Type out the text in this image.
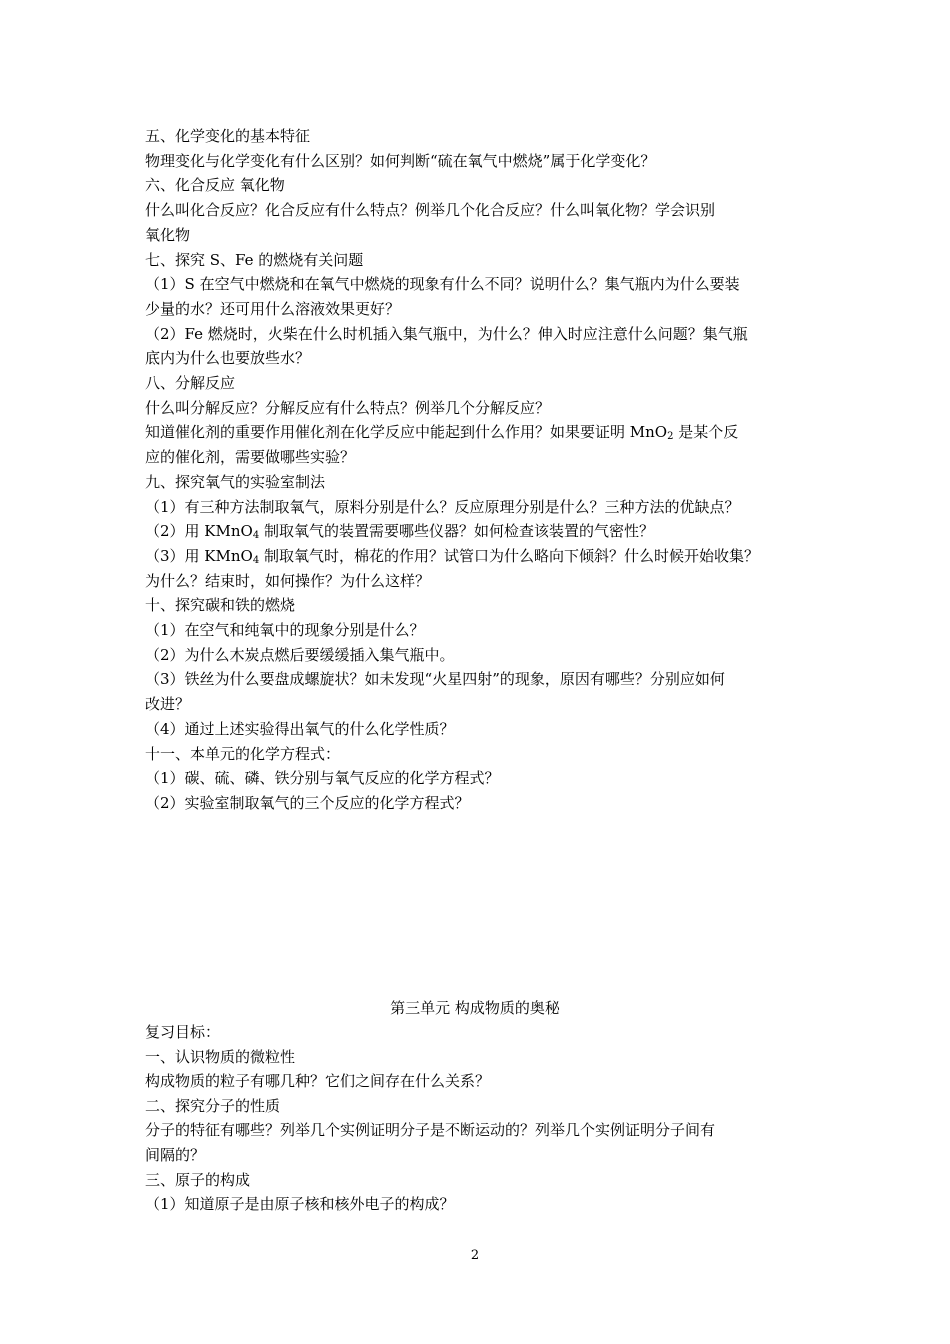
五、化学变化的基本特征
物理变化与化学变化有什么区别？如何判断“硫在氧气中燃烧”属于化学变化？
六、化合反应 氧化物
什么叫化合反应？化合反应有什么特点？例举几个化合反应？什么叫氧化物？学会识别
氧化物
七、探究 S、Fe 的燃烧有关问题
（1）S 在空气中燃烧和在氧气中燃烧的现象有什么不同？说明什么？集气瓶内为什么要装
少量的水？还可用什么溶液效果更好？
（2）Fe 燃烧时，火柴在什么时机插入集气瓶中，为什么？伸入时应注意什么问题？集气瓶
底内为什么也要放些水？
八、分解反应
什么叫分解反应？分解反应有什么特点？例举几个分解反应？
知道催化剂的重要作用催化剂在化学反应中能起到什么作用？如果要证明 MnO$_2$ 是某个反
应的催化剂，需要做哪些实验？
九、探究氧气的实验室制法
（1）有三种方法制取氧气，原料分别是什么？反应原理分别是什么？三种方法的优缺点？
（2）用 KMnO$_4$ 制取氧气的装置需要哪些仪器？如何检查该装置的气密性？
（3）用 KMnO$_4$ 制取氧气时，棉花的作用？试管口为什么略向下倾斜？什么时候开始收集？
为什么？结束时，如何操作？为什么这样？
十、探究碳和铁的燃烧
（1）在空气和纯氧中的现象分别是什么？
（2）为什么木炭点燃后要缓缓插入集气瓶中。
（3）铁丝为什么要盘成螺旋状？如未发现“火星四射”的现象，原因有哪些？分别应如何
改进？
（4）通过上述实验得出氧气的什么化学性质？
十一、本单元的化学方程式：
（1）碳、硫、磷、铁分别与氧气反应的化学方程式？
（2）实验室制取氧气的三个反应的化学方程式？
第三单元 构成物质的奥秘
复习目标：
一、认识物质的微粒性
构成物质的粒子有哪几种？它们之间存在什么关系？
二、探究分子的性质
分子的特征有哪些？列举几个实例证明分子是不断运动的？列举几个实例证明分子间有
间隔的？
三、原子的构成
（1）知道原子是由原子核和核外电子的构成？
2
